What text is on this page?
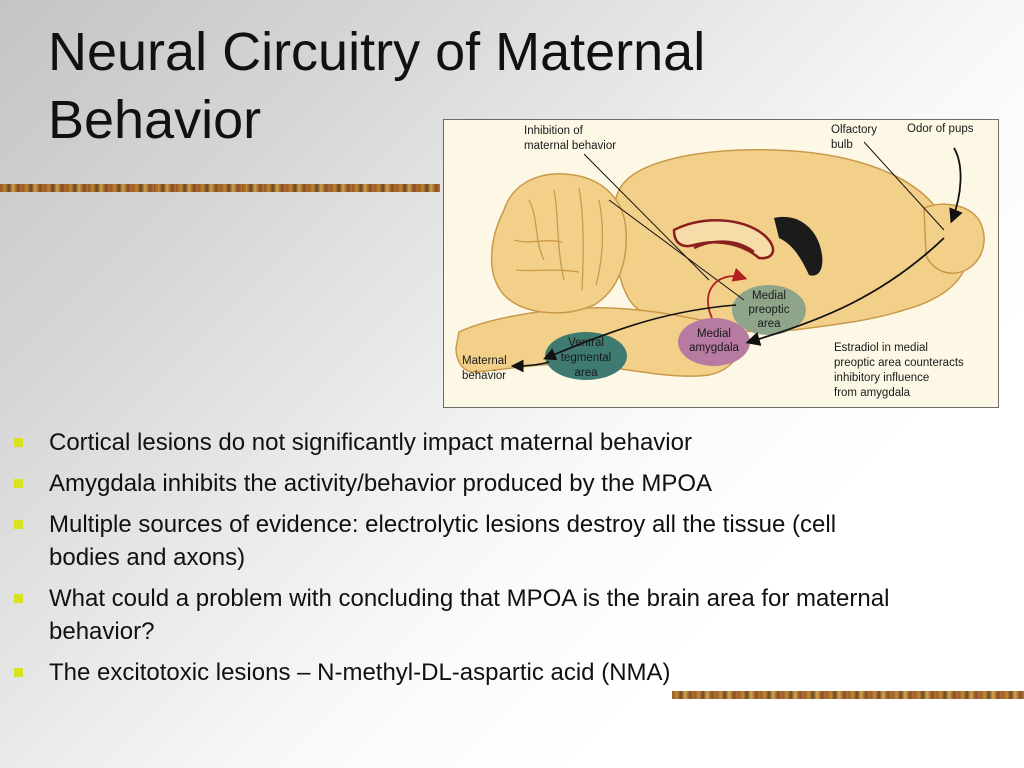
Neural Circuitry of Maternal Behavior	Inhibition of
maternal behavior
Olfactory
bulb
Odor of pups
Medial
preoptic
area
Medial
amygdala
Ventral
tegmental
area
Maternal
behavior
Estradiol in medial
preoptic area counteracts
inhibitory influence
from amygdala
Cortical lesions do not significantly impact maternal behavior
Amygdala inhibits the activity/behavior produced by the MPOA
Multiple sources of evidence: electrolytic lesions destroy all the tissue (cell bodies and axons)
What could a problem with concluding that MPOA is the brain area for maternal behavior?
The excitotoxic lesions – N-methyl-DL-aspartic acid (NMA)
